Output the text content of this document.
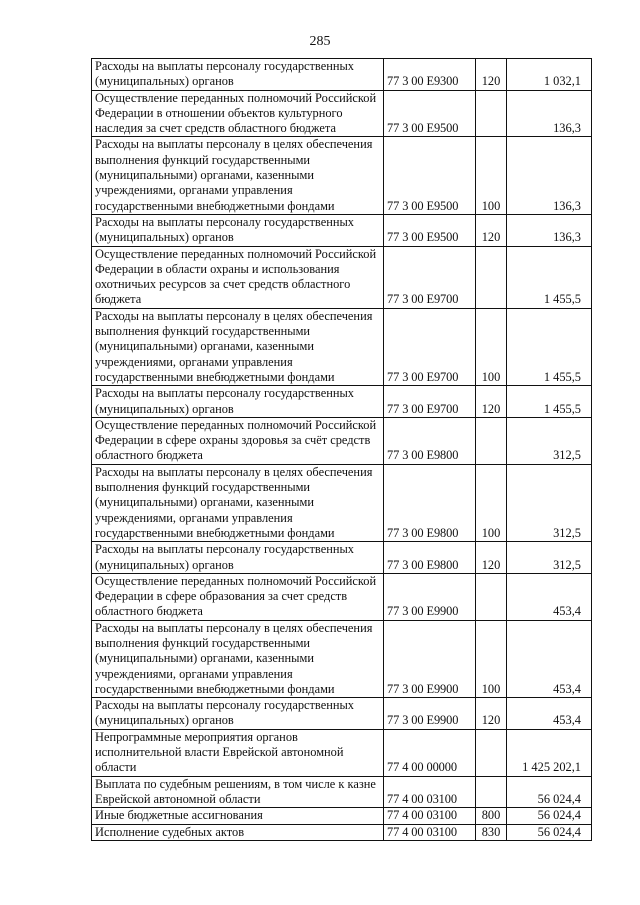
285
Расходы на выплаты персоналу государственных (муниципальных) органов	77 3 00 E9300	120	1 032,1
Осуществление переданных полномочий Российской Федерации в отношении объектов культурного наследия за счет средств областного бюджета	77 3 00 E9500		136,3
Расходы на выплаты персоналу в целях обеспечения выполнения функций государственными (муниципальными) органами, казенными учреждениями, органами управления государственными внебюджетными фондами	77 3 00 E9500	100	136,3
Расходы на выплаты персоналу государственных (муниципальных) органов	77 3 00 E9500	120	136,3
Осуществление переданных полномочий Российской Федерации в области охраны и использования охотничьих ресурсов за счет средств областного бюджета	77 3 00 E9700		1 455,5
Расходы на выплаты персоналу в целях обеспечения выполнения функций государственными (муниципальными) органами, казенными учреждениями, органами управления государственными внебюджетными фондами	77 3 00 E9700	100	1 455,5
Расходы на выплаты персоналу государственных (муниципальных) органов	77 3 00 E9700	120	1 455,5
Осуществление переданных полномочий Российской Федерации в сфере охраны здоровья за счёт средств областного бюджета	77 3 00 E9800		312,5
Расходы на выплаты персоналу в целях обеспечения выполнения функций государственными (муниципальными) органами, казенными учреждениями, органами управления государственными внебюджетными фондами	77 3 00 E9800	100	312,5
Расходы на выплаты персоналу государственных (муниципальных) органов	77 3 00 E9800	120	312,5
Осуществление переданных полномочий Российской Федерации в сфере образования за счет средств областного бюджета	77 3 00 E9900		453,4
Расходы на выплаты персоналу в целях обеспечения выполнения функций государственными (муниципальными) органами, казенными учреждениями, органами управления государственными внебюджетными фондами	77 3 00 E9900	100	453,4
Расходы на выплаты персоналу государственных (муниципальных) органов	77 3 00 E9900	120	453,4
Непрограммные мероприятия органов исполнительной власти Еврейской автономной области	77 4 00 00000		1 425 202,1
Выплата по судебным решениям, в том числе к казне Еврейской автономной области	77 4 00 03100		56 024,4
Иные бюджетные ассигнования	77 4 00 03100	800	56 024,4
Исполнение судебных актов	77 4 00 03100	830	56 024,4
